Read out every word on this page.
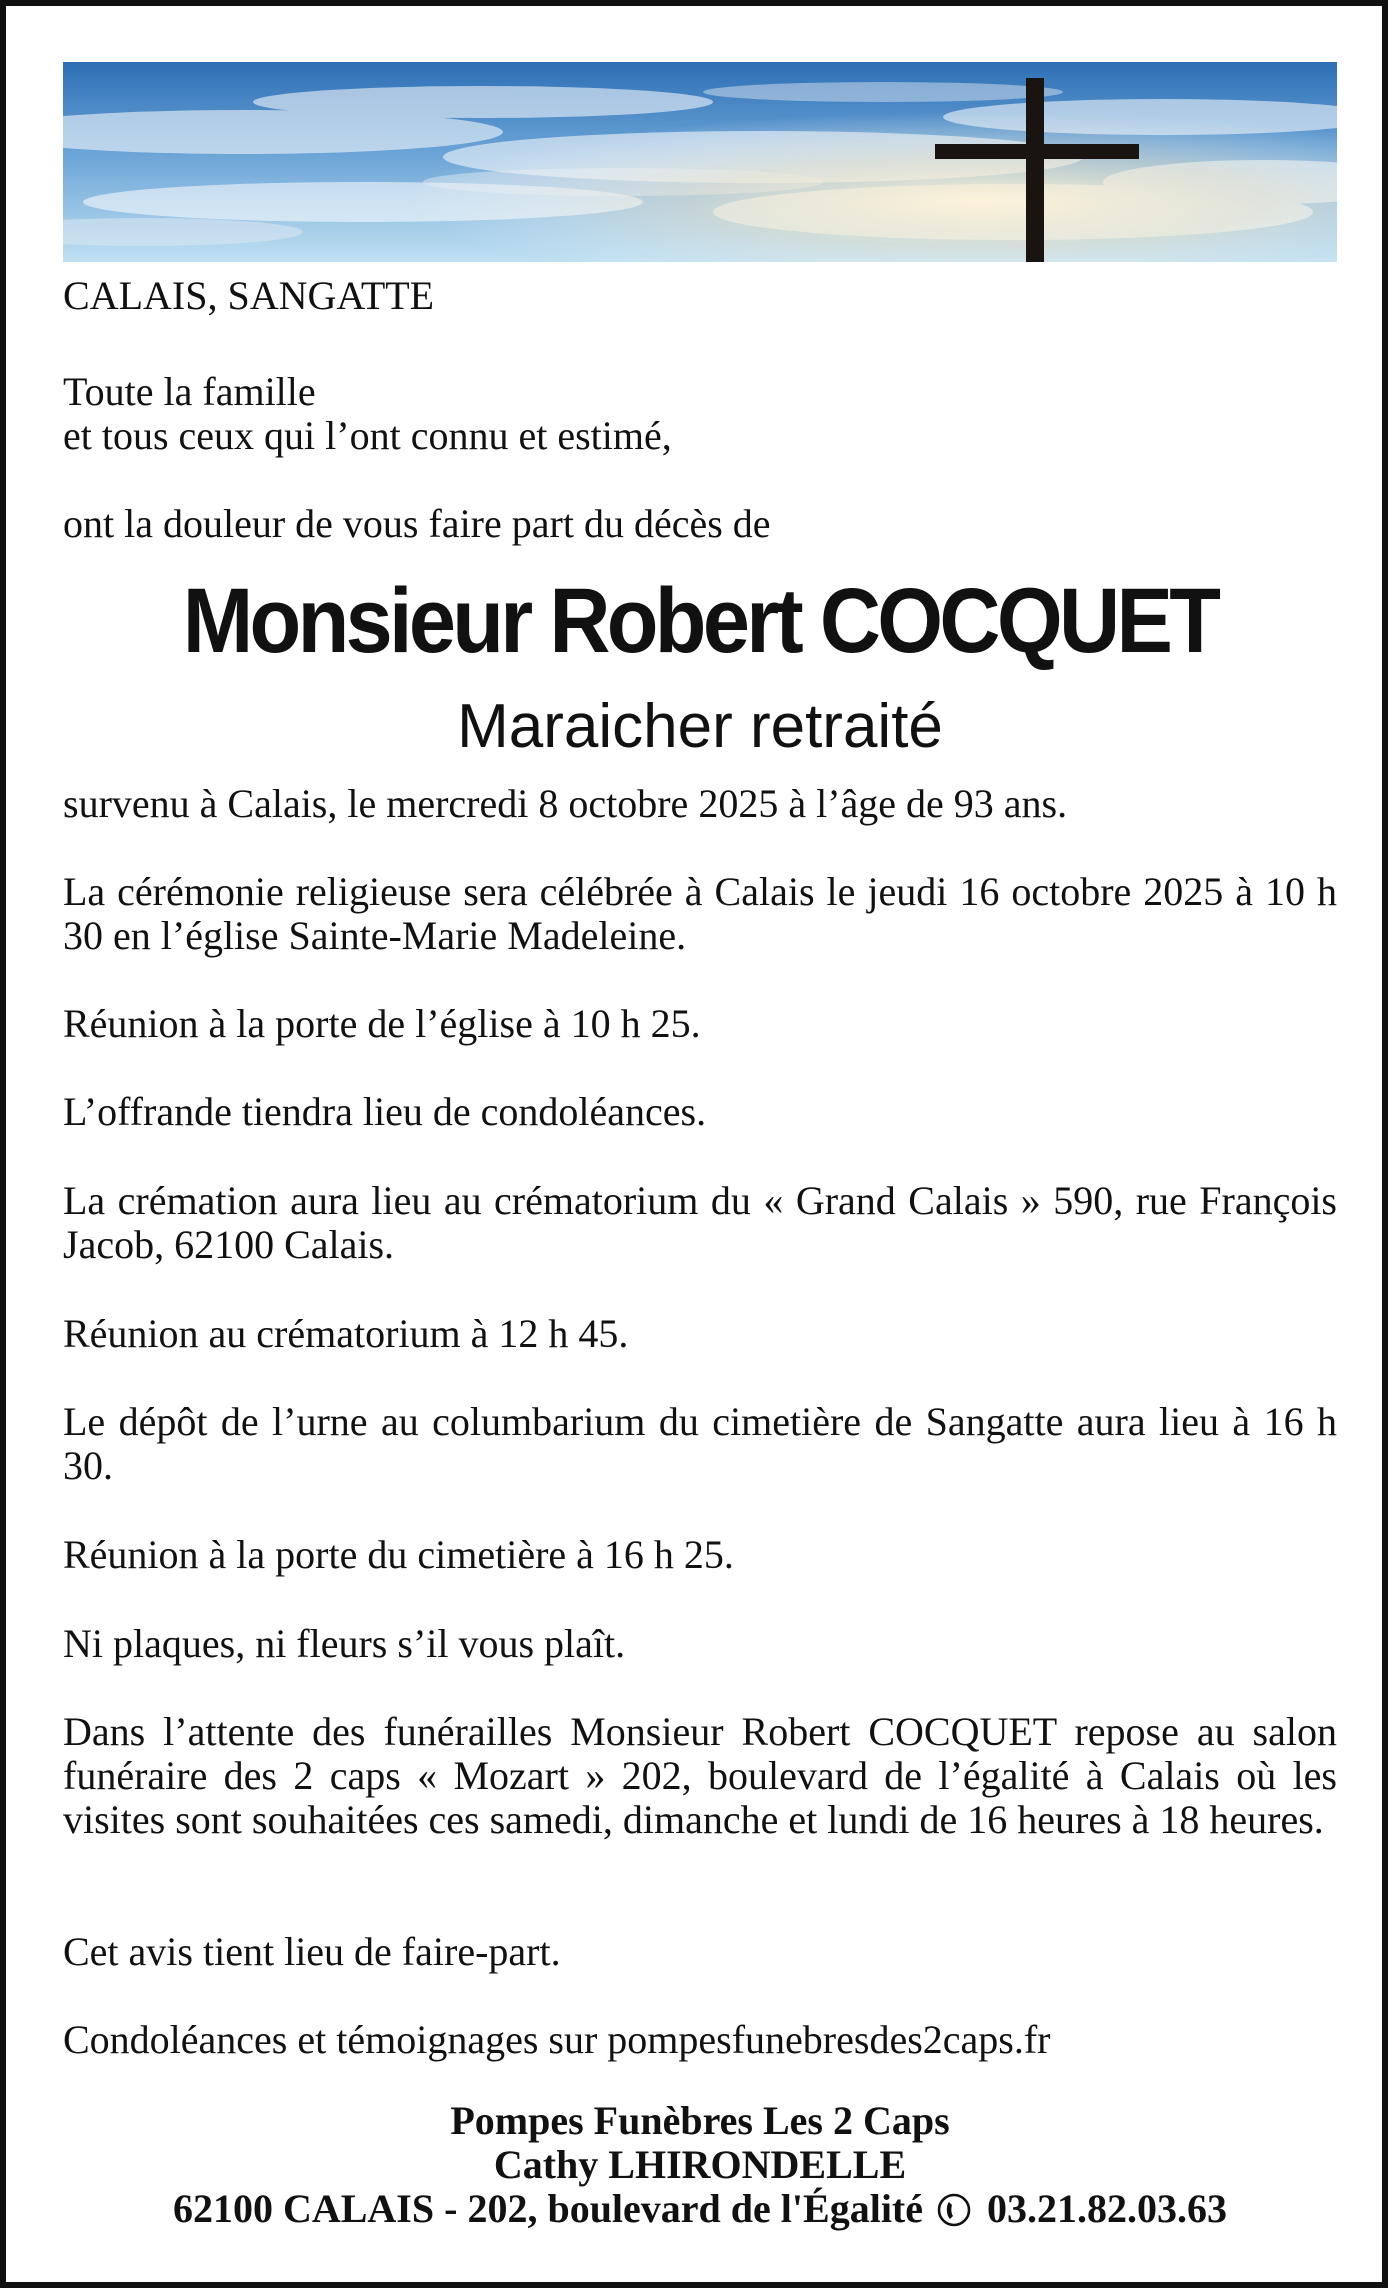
CALAIS, SANGATTE

Toute la famille

et tous ceux qui l’ont connu et estimé,

ont la douleur de vous faire part du décès de

Monsieur Robert COCQUET
Maraicher retraité

survenu à Calais, le mercredi 8 octobre 2025 à l’âge de 93 ans.

La cérémonie religieuse sera célébrée à Calais le jeudi 16 octobre 2025 à 10 h 30 en l’église Sainte-Marie Madeleine.

Réunion à la porte de l’église à 10 h 25.

L’offrande tiendra lieu de condoléances.

La crémation aura lieu au crématorium du « Grand Calais » 590, rue François Jacob, 62100 Calais.

Réunion au crématorium à 12 h 45.

Le dépôt de l’urne au columbarium du cimetière de Sangatte aura lieu à 16 h 30.

Réunion à la porte du cimetière à 16 h 25.

Ni plaques, ni fleurs s’il vous plaît.

Dans l’attente des funérailles Monsieur Robert COCQUET repose au salon funéraire des 2 caps « Mozart » 202, boulevard de l’égalité à Calais où les visites sont souhaitées ces samedi, dimanche et lundi de 16 heures à 18 heures.

Cet avis tient lieu de faire-part.

Condoléances et témoignages sur pompesfunebresdes2caps.fr

Pompes Funèbres Les 2 Caps
Cathy LHIRONDELLE
62100 CALAIS - 202, boulevard de l'Égalité 03.21.82.03.63
